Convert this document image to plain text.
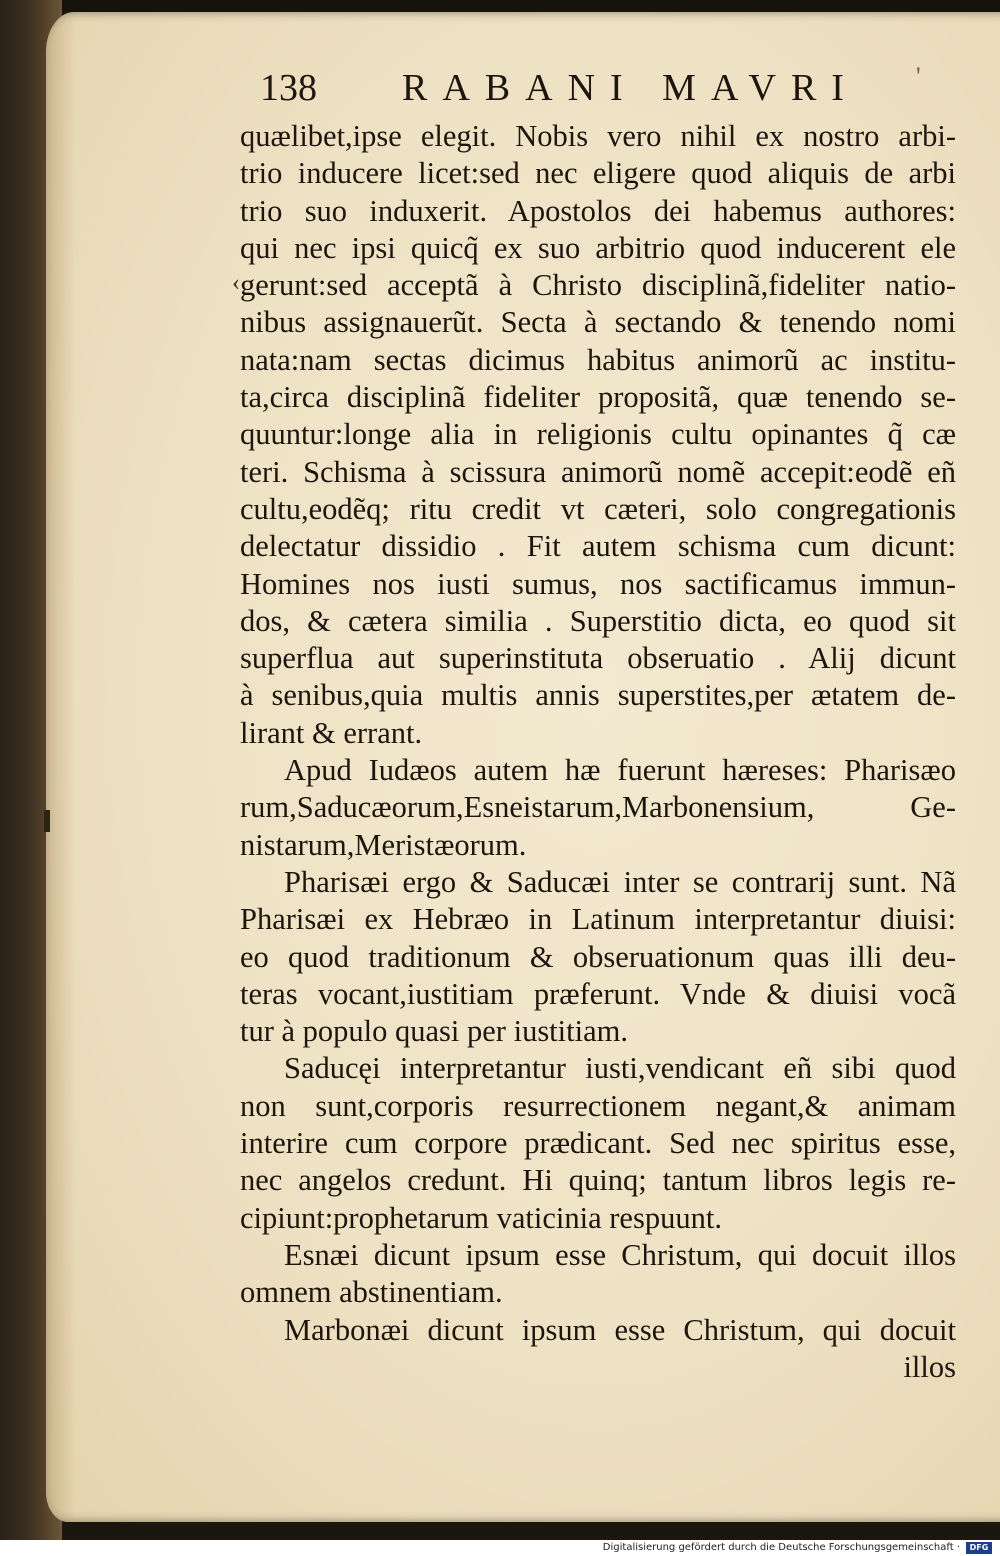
138 RABANI MAVRI '
‹
quælibet,ipse elegit. Nobis vero nihil ex nostro arbi-
trio inducere licet:sed nec eligere quod aliquis de arbi
trio suo induxerit. Apostolos dei habemus authores:
qui nec ipsi quicq̃ ex suo arbitrio quod inducerent ele
gerunt:sed acceptã à Christo disciplinã,fideliter natio-
nibus assignauerũt. Secta à sectando & tenendo nomi
nata:nam sectas dicimus habitus animorũ ac institu-
ta,circa disciplinã fideliter propositã, quæ tenendo se-
quuntur:longe alia in religionis cultu opinantes q̃ cæ
teri. Schisma à scissura animorũ nomẽ accepit:eodẽ eñ
cultu,eodẽq; ritu credit vt cæteri, solo congregationis
delectatur dissidio . Fit autem schisma cum dicunt:
Homines nos iusti sumus, nos sactificamus immun-
dos, & cætera similia . Superstitio dicta, eo quod sit
superflua aut superinstituta obseruatio . Alij dicunt
à senibus,quia multis annis superstites,per ætatem de-
lirant & errant.
Apud Iudæos autem hæ fuerunt hæreses: Pharisæo
rum,Saducæorum,Esneistarum,Marbonensium, Ge-
nistarum,Meristæorum.
Pharisæi ergo & Saducæi inter se contrarij sunt. Nã
Pharisæi ex Hebræo in Latinum interpretantur diuisi:
eo quod traditionum & obseruationum quas illi deu-
teras vocant,iustitiam præferunt. Vnde & diuisi vocã
tur à populo quasi per iustitiam.
Saducęi interpretantur iusti,vendicant eñ sibi quod
non sunt,corporis resurrectionem negant,& animam
interire cum corpore prædicant. Sed nec spiritus esse,
nec angelos credunt. Hi quinq; tantum libros legis re-
cipiunt:prophetarum vaticinia respuunt.
Esnæi dicunt ipsum esse Christum, qui docuit illos
omnem abstinentiam.
Marbonæi dicunt ipsum esse Christum, qui docuit
illos
Digitalisierung gefördert durch die Deutsche Forschungsgemeinschaft ·	DFG
